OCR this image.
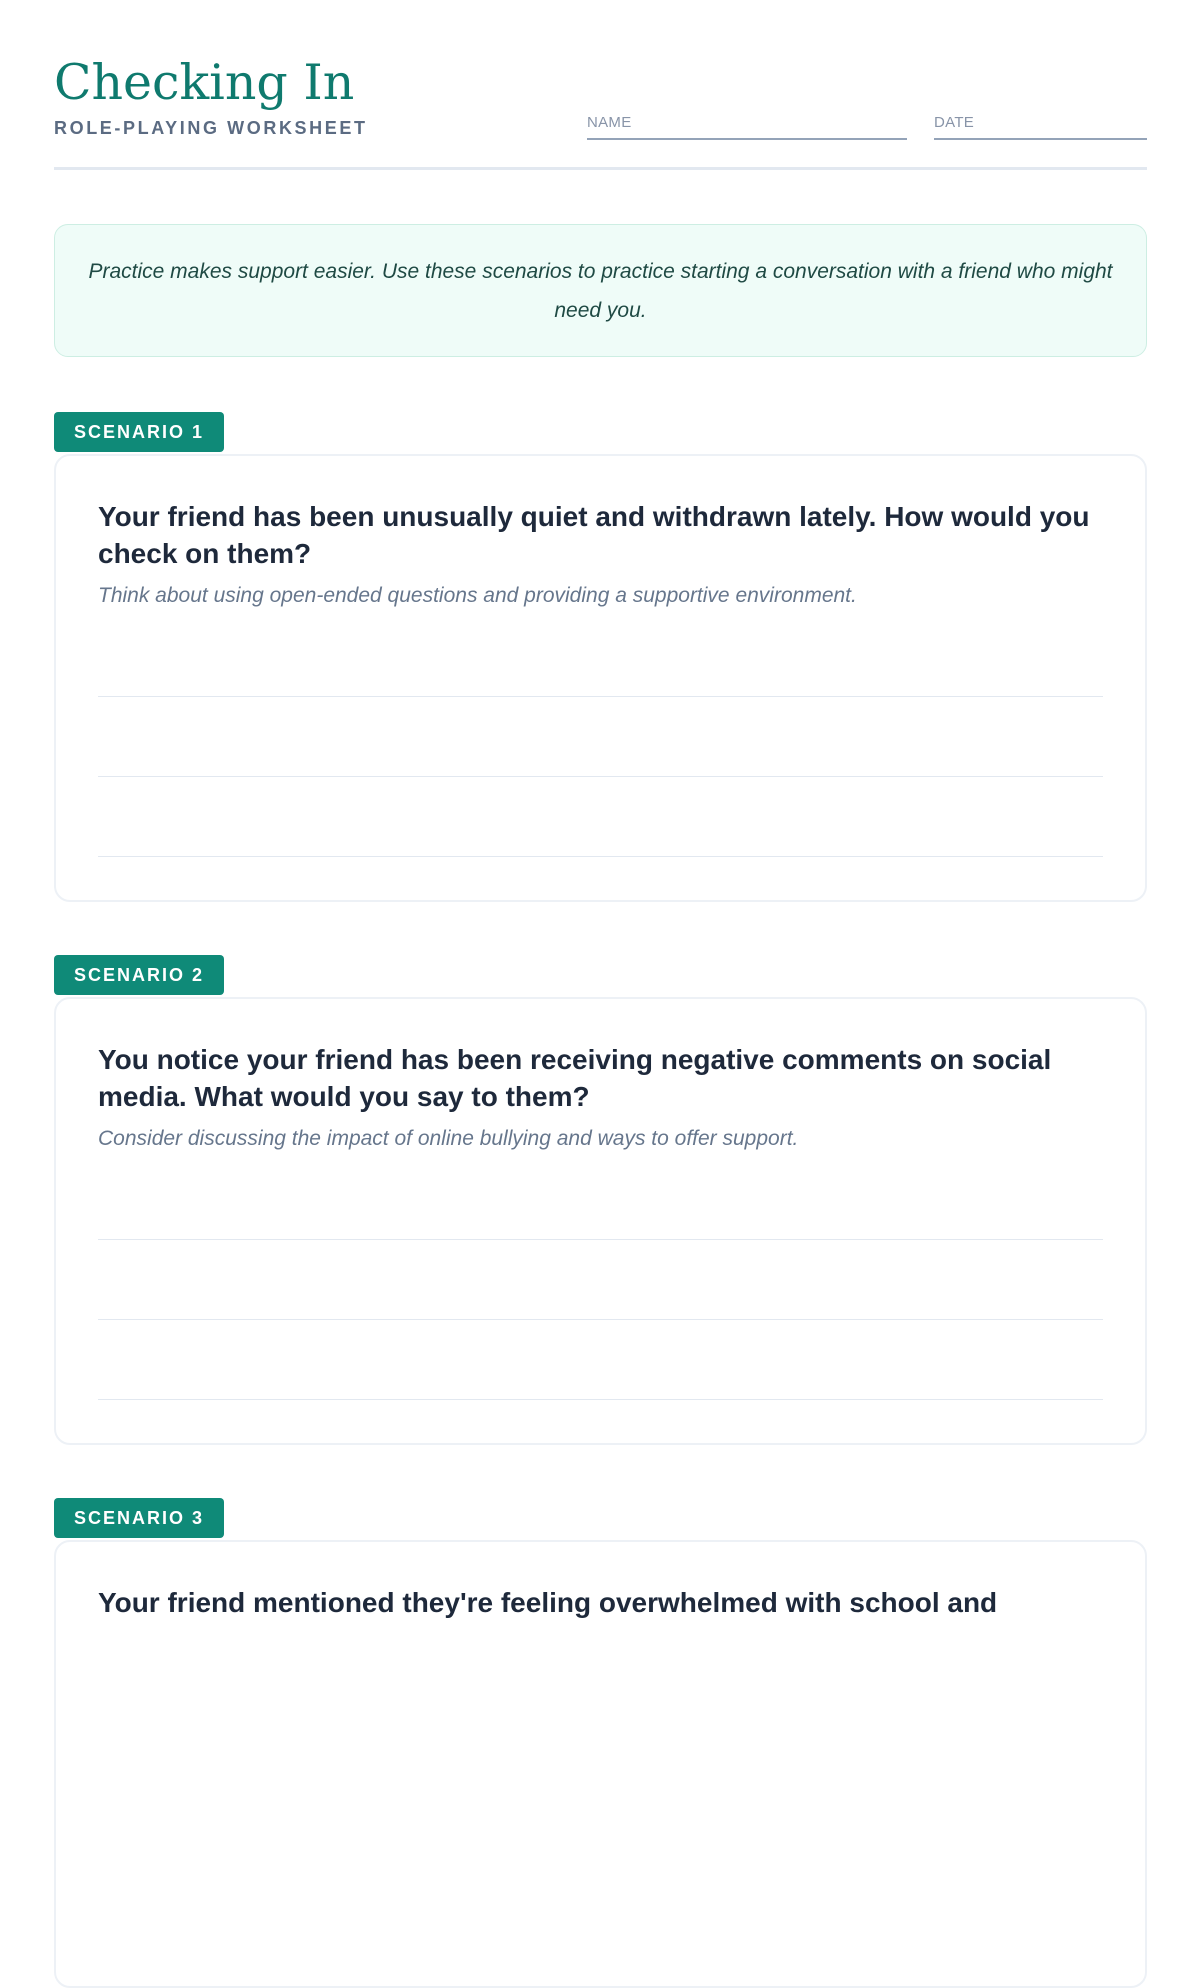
Checking In
ROLE-PLAYING WORKSHEET	NAME	DATE
Practice makes support easier. Use these scenarios to practice starting a conversation with a friend who might need you.
SCENARIO 1

Your friend has been unusually quiet and withdrawn lately. How would you check on them?

Think about using open-ended questions and providing a supportive environment.
SCENARIO 2

You notice your friend has been receiving negative comments on social media. What would you say to them?

Consider discussing the impact of online bullying and ways to offer support.
SCENARIO 3

Your friend mentioned they're feeling overwhelmed with school and
